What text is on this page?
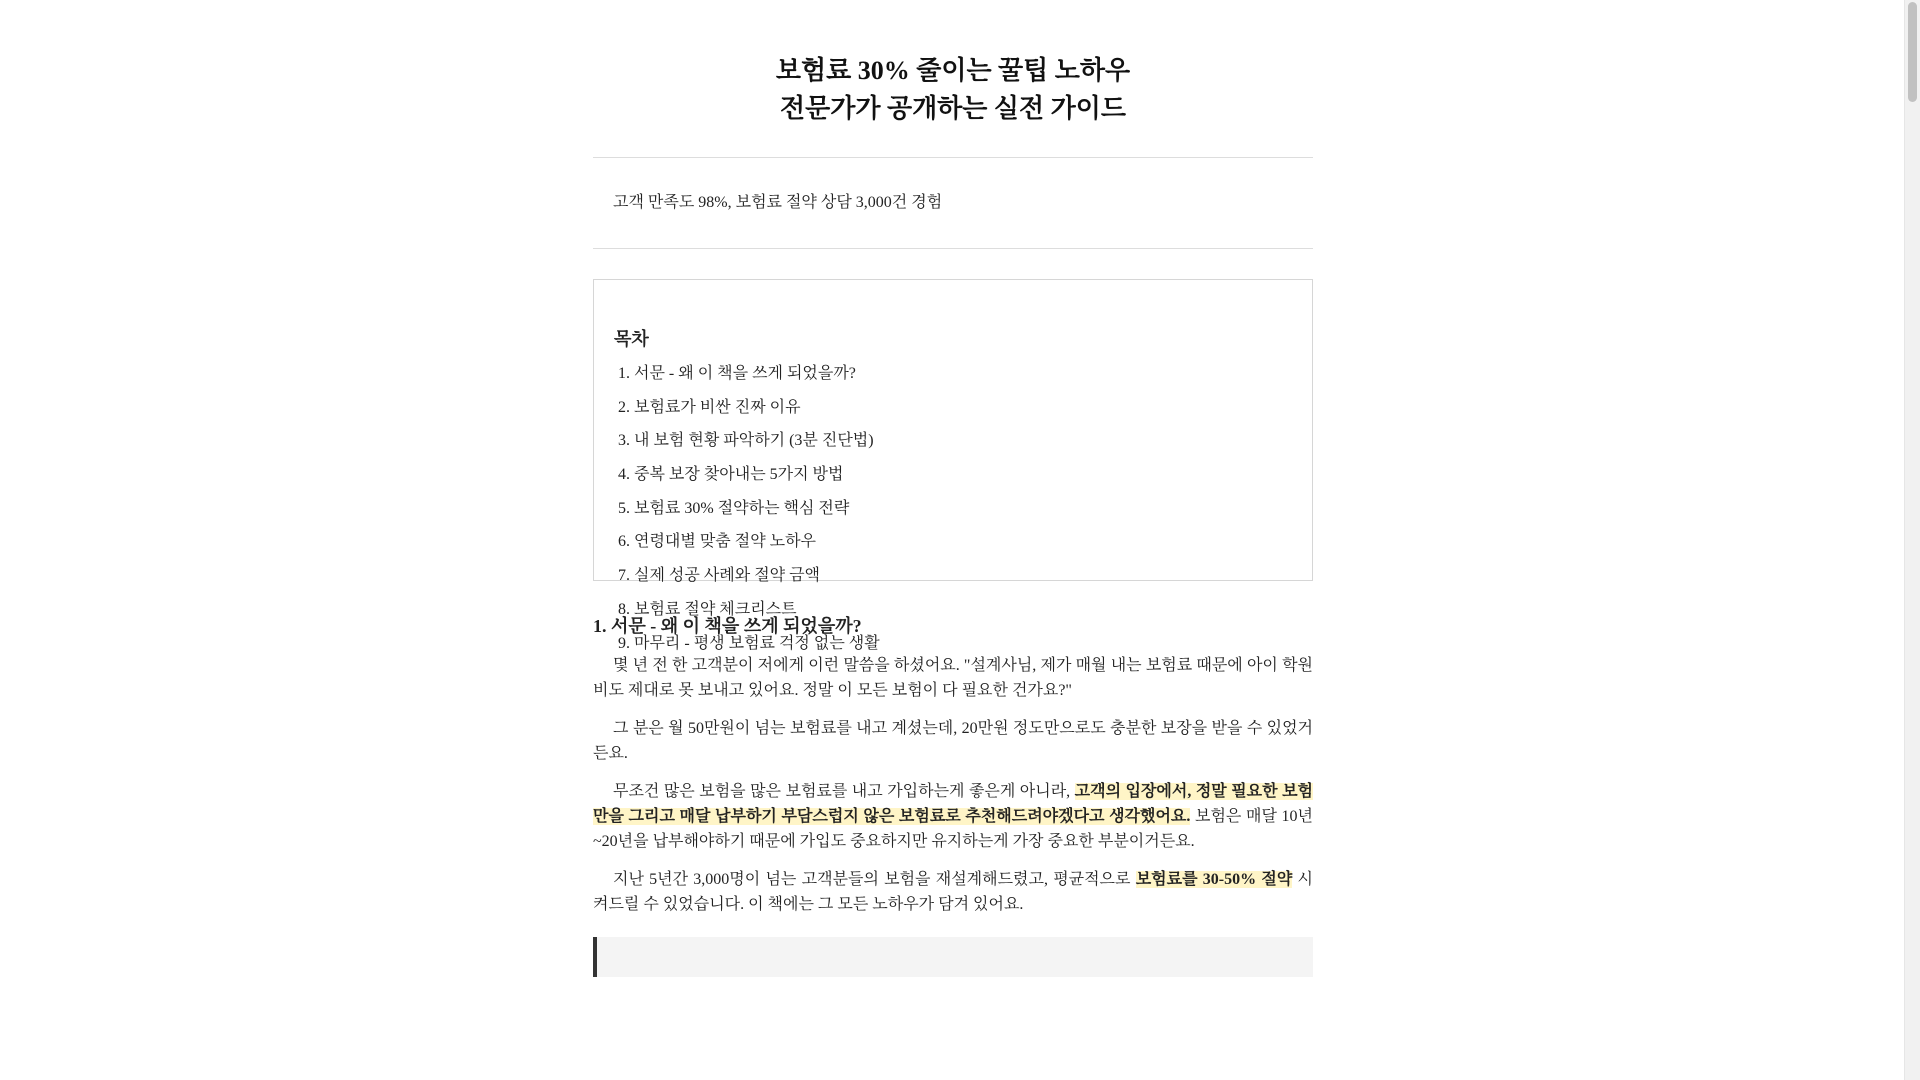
보험료 30% 줄이는 꿀팁 노하우
전문가가 공개하는 실전 가이드
고객 만족도 98%, 보험료 절약 상담 3,000건 경험
목차
1. 서문 - 왜 이 책을 쓰게 되었을까?
2. 보험료가 비싼 진짜 이유
3. 내 보험 현황 파악하기 (3분 진단법)
4. 중복 보장 찾아내는 5가지 방법
5. 보험료 30% 절약하는 핵심 전략
6. 연령대별 맞춤 절약 노하우
7. 실제 성공 사례와 절약 금액
8. 보험료 절약 체크리스트
9. 마무리 - 평생 보험료 걱정 없는 생활
1. 서문 - 왜 이 책을 쓰게 되었을까?

몇 년 전 한 고객분이 저에게 이런 말씀을 하셨어요. "설계사님, 제가 매월 내는 보험료 때문에 아이 학원비도 제대로 못 보내고 있어요. 정말 이 모든 보험이 다 필요한 건가요?"

그 분은 월 50만원이 넘는 보험료를 내고 계셨는데, 20만원 정도만으로도 충분한 보장을 받을 수 있었거든요.

무조건 많은 보험을 많은 보험료를 내고 가입하는게 좋은게 아니라, 고객의 입장에서, 정말 필요한 보험만을 그리고 매달 납부하기 부담스럽지 않은 보험료로 추천해드려야겠다고 생각했어요. 보험은 매달 10년~20년을 납부해야하기 때문에 가입도 중요하지만 유지하는게 가장 중요한 부분이거든요.

지난 5년간 3,000명이 넘는 고객분들의 보험을 재설계해드렸고, 평균적으로 보험료를 30-50% 절약 시켜드릴 수 있었습니다. 이 책에는 그 모든 노하우가 담겨 있어요.
